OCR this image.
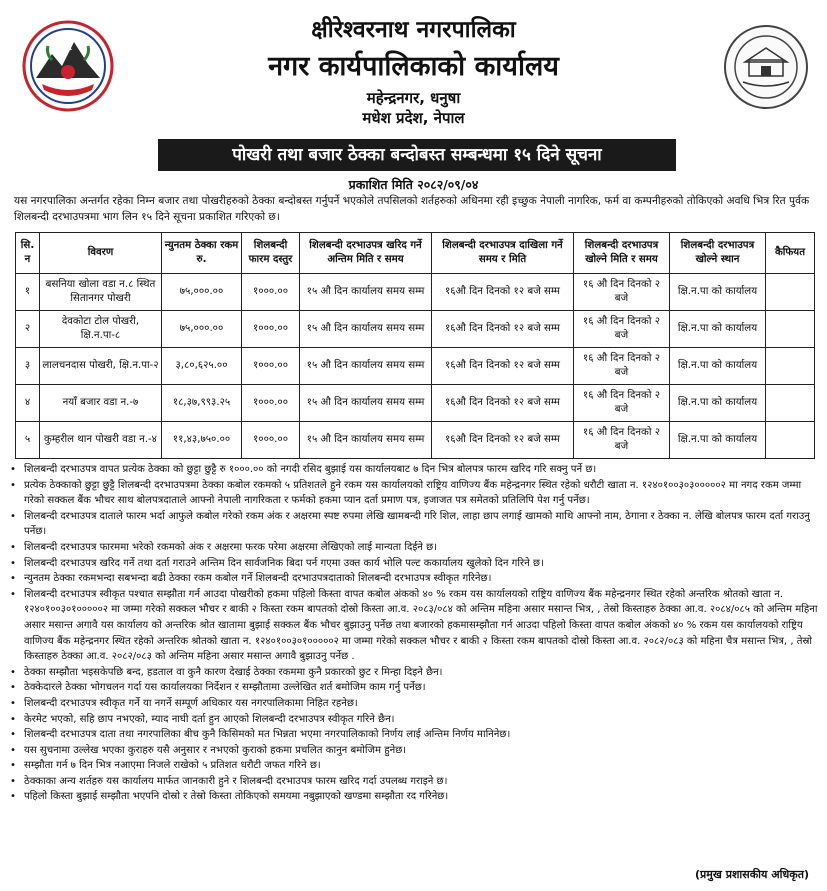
क्षीरेश्वरनाथ नगरपालिका
नगर कार्यपालिकाको कार्यालय
महेन्द्रनगर, धनुषा
मधेश प्रदेश, नेपाल
पोखरी तथा बजार ठेक्का बन्दोबस्त सम्बन्धमा १५ दिने सूचना
प्रकाशित मिति २०८२/०९/०४
यस नगरपालिका अन्तर्गत रहेका निम्न बजार तथा पोखरीहरुको ठेक्का बन्दोबस्त गर्नुपर्ने भएकोले तपसिलको शर्तहरुको अधिनमा रही इच्छुक नेपाली नागरिक, फर्म वा कम्पनीहरुको तोकिएको अवधि भित्र रित पुर्वक शिलबन्दी दरभाउपत्रमा भाग लिन १५ दिने सूचना प्रकाशित गरिएको छ।
सि. न	विवरण	न्युनतम ठेक्का रकम रु.	शिलबन्दी फारम दस्तुर	शिलबन्दी दरभाउपत्र खरिद गर्ने अन्तिम मिति र समय	शिलबन्दी दरभाउपत्र दाखिला गर्ने समय र मिति	शिलबन्दी दरभाउपत्र खोल्ने मिति र समय	शिलबन्दी दरभाउपत्र खोल्ने स्थान	कैफियत
१	बसनिया खोला वडा न.८ स्थित सितानगर पोखरी	७५,०००.००	१०००.००	१५ औ दिन कार्यालय समय सम्म	१६औ दिन दिनको १२ बजे सम्म	१६ औ दिन दिनको २ बजे	क्षि.न.पा को कार्यालय	
२	देवकोटा टोल पोखरी, क्षि.न.पा-८	७५,०००.००	१०००.००	१५ औ दिन कार्यालय समय सम्म	१६औ दिन दिनको १२ बजे सम्म	१६ औ दिन दिनको २ बजे	क्षि.न.पा को कार्यालय	
३	लालचनदास पोखरी, क्षि.न.पा-२	३,८०,६२५.००	१०००.००	१५ औ दिन कार्यालय समय सम्म	१६औ दिन दिनको १२ बजे सम्म	१६ औ दिन दिनको २ बजे	क्षि.न.पा को कार्यालय	
४	नयाँ बजार वडा न.-७	१८,३७,९९३.२५	१०००.००	१५ औ दिन कार्यालय समय सम्म	१६औ दिन दिनको १२ बजे सम्म	१६ औ दिन दिनको २ बजे	क्षि.न.पा को कार्यालय	
५	कुम्हरील थान पोखरी वडा न.-४	११,४३,७५०.००	१०००.००	१५ औ दिन कार्यालय समय सम्म	१६औ दिन दिनको १२ बजे सम्म	१६ औ दिन दिनको २ बजे	क्षि.न.पा को कार्यालय	
• शिलबन्दी दरभाउपत्र वापत प्रत्येक ठेक्का को छुट्टा छुट्टै रु १०००.०० को नगदी रसिद बुझाई यस कार्यालयबाट ७ दिन भित्र बोलपत्र फारम खरिद गरि सक्नु पर्ने छ।
• प्रत्येक ठेक्काको छुट्टा छुट्टै शिलबन्दी दरभाउपत्रमा ठेक्का कबोल रकमको ५ प्रतिशतले हुने रकम यस कार्यालयको राष्ट्रिय वाणिज्य बैंक महेन्द्रनगर स्थित रहेको धरौटी खाता न. १२४०१००३०३०००००२ मा नगद रकम जम्मा गरेको सक्कल बैंक भौचर साथ बोलपत्रदाताले आफ्नो नेपाली नागरिकता र फर्मको हकमा प्यान दर्ता प्रमाण पत्र, इजाजत पत्र समेतको प्रतिलिपि पेश गर्नु पर्नेछ।
• शिलबन्दी दरभाउपत्र दाताले फारम भर्दा आफुले कबोल गरेको रकम अंक र अक्षरमा स्पष्ट रुपमा लेखि खामबन्दी गरि शिल, लाहा छाप लगाई खामको माथि आफ्नो नाम, ठेगाना र ठेक्का न. लेखि बोलपत्र फारम दर्ता गराउनु पर्नेछ।
• शिलबन्दी दरभाउपत्र फारममा भरेको रकमको अंक र अक्षरमा फरक परेमा अक्षरमा लेखिएको लाई मान्यता दिईने छ।
• शिलबन्दी दरभाउपत्र खरिद गर्ने तथा दर्ता गराउने अन्तिम दिन सार्वजनिक बिदा पर्न गएमा उक्त कार्य भोलि पल्ट ककार्यालय खुलेको दिन गरिने छ।
• न्युनतम ठेक्का रकमभन्दा सबभन्दा बढी ठेक्का रकम कबोल गर्ने शिलबन्दी दरभाउपत्रदाताको शिलबन्दी दरभाउपत्र स्वीकृत गरिनेछ।
• शिलबन्दी दरभाउपत्र स्वीकृत पश्चात सम्झौता गर्न आउदा पोखरीको हकमा पहिलो किस्ता वापत कबोल अंकको ४० % रकम यस कार्यालयको राष्ट्रिय वाणिज्य बैंक महेन्द्रनगर स्थित रहेको अन्तरिक श्रोतको खाता न. १२४०१००३०१०००००२ मा जम्मा गरेको सक्कल भौचर र बाकी २ किस्ता रकम बापतको दोस्रो किस्ता आ.व. २०८३/०८४ को अन्तिम महिना असार मसान्त भित्र, , तेस्रो किस्ताहरु ठेक्का आ.व. २०८४/०८५ को अन्तिम महिना असार मसान्त अगावै यस कार्यालय को अन्तरिक श्रोत खातामा बुझाई सक्कल बैंक भौचर बुझाउनु पर्नेछ तथा बजारको हकमासम्झौता गर्न आउदा पहिलो किस्ता वापत कबोल अंकको ४० % रकम यस कार्यालयको राष्ट्रिय वाणिज्य बैंक महेन्द्रनगर स्थित रहेको अन्तरिक श्रोतको खाता न. १२४०१००३०१०००००२ मा जम्मा गरेको सक्कल भौचर र बाकी २ किस्ता रकम बापतको दोस्रो किस्ता आ.व. २०८२/०८३ को महिना चैत्र मसान्त भित्र, , तेस्रो किस्ताहरु ठेक्का आ.व. २०८२/०८३ को अन्तिम महिना असार मसान्त अगावै बुझाउनु पर्नेछ .
• ठेक्का सम्झौता भइसकेपछि बन्द, हडताल वा कुनै कारण देखाई ठेक्का रकममा कुनै प्रकारको छुट र मिन्हा दिइने छैन।
• ठेक्केदारले ठेक्का भोगचलन गर्दा यस कार्यालयका निर्देशन र सम्झौतामा उल्लेखित शर्त बमोजिम काम गर्नु पर्नेछ।
• शिलबन्दी दरभाउपत्र स्वीकृत गर्ने या नगर्ने सम्पूर्ण अधिकार यस नगरपालिकामा निहित रहनेछ।
• केरमेट भएको, सहि छाप नभएको, म्याद नाघी दर्ता हुन आएको शिलबन्दी दरभाउपत्र स्वीकृत गरिने छैन।
• शिलबन्दी दरभाउपत्र दाता तथा नगरपालिका बीच कुनै किसिमको मत भिन्नता भएमा नगरपालिकाको निर्णय लाई अन्तिम निर्णय मानिनेछ।
• यस सुचनामा उल्लेख भएका कुराहरु यसै अनुसार र नभएको कुराको हकमा प्रचलित कानुन बमोजिम हुनेछ।
• सम्झौता गर्न ७ दिन भित्र नआएमा निजले राखेको ५ प्रतिशत धरौटी जफत गरिने छ।
• ठेक्काका अन्य शर्तहरु यस कार्यालय मार्फत जानकारी हुने र शिलबन्दी दरभाउपत्र फारम खरिद गर्दा उपलब्ध गराइने छ।
• पहिलो किस्ता बुझाई सम्झौता भएपनि दोस्रो र तेस्रो किस्ता तोकिएको समयमा नबुझाएको खण्डमा सम्झौता रद गरिनेछ।
(प्रमुख प्रशासकीय अधिकृत)
